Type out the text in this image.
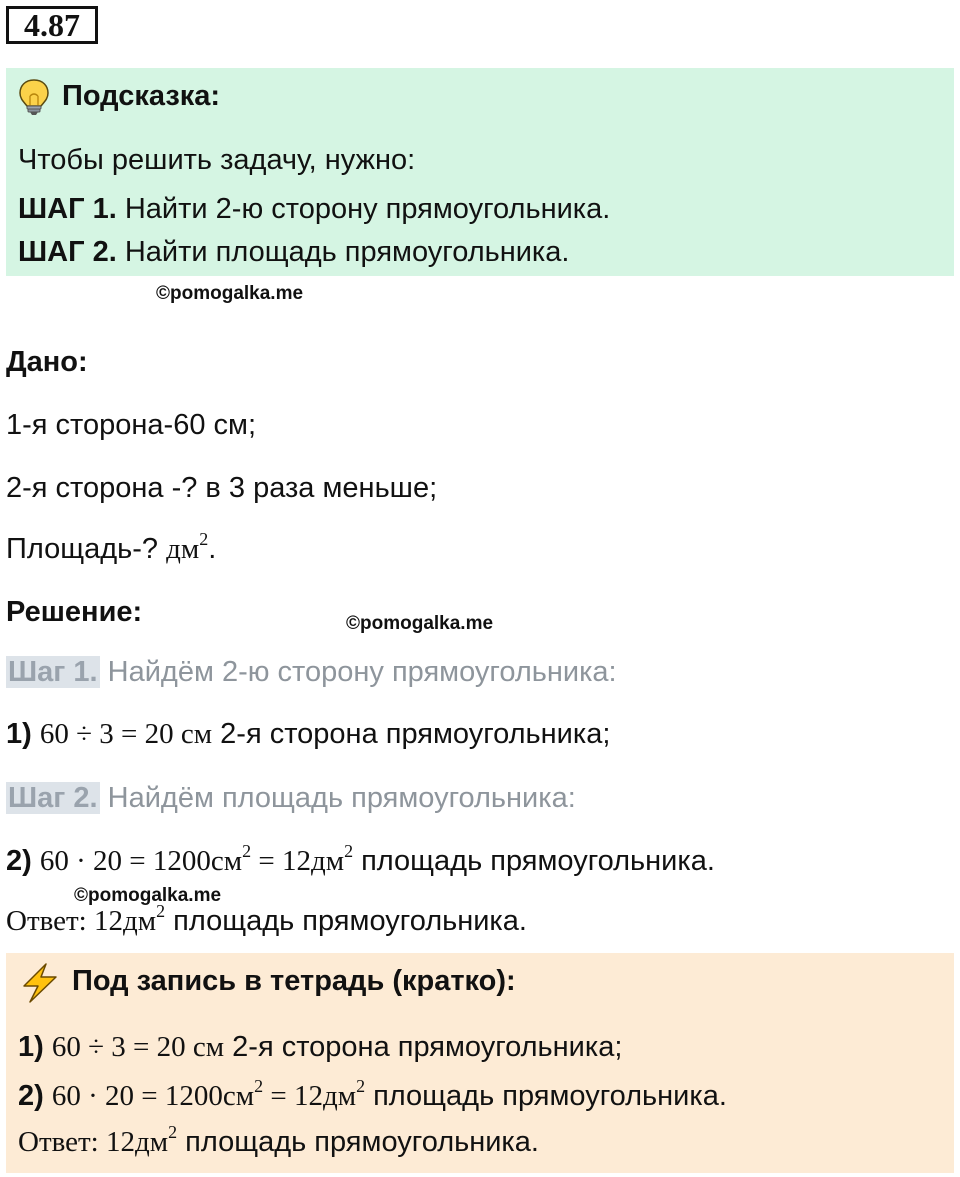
4.87
Подсказка:
Чтобы решить задачу, нужно:
ШАГ 1. Найти 2-ю сторону прямоугольника.
ШАГ 2. Найти площадь прямоугольника.
©pomogalka.me
Дано:
1-я сторона-60 см;
2-я сторона -? в 3 раза меньше;
Площадь-? $дм^2$.
Решение:	©pomogalka.me
Шаг 1. Найдём 2-ю сторону прямоугольника:
1) 60 ÷ 3 = 20 см 2-я сторона прямоугольника;
Шаг 2. Найдём площадь прямоугольника:
2) $60 \cdot 20 = 1200см^2 = 12дм^2$ площадь прямоугольника.
©pomogalka.me
Ответ: $12дм^2$ площадь прямоугольника.
Под запись в тетрадь (кратко):
1) 60 ÷ 3 = 20 см 2-я сторона прямоугольника;
2) $60 \cdot 20 = 1200см^2 = 12дм^2$ площадь прямоугольника.
Ответ: $12дм^2$ площадь прямоугольника.
